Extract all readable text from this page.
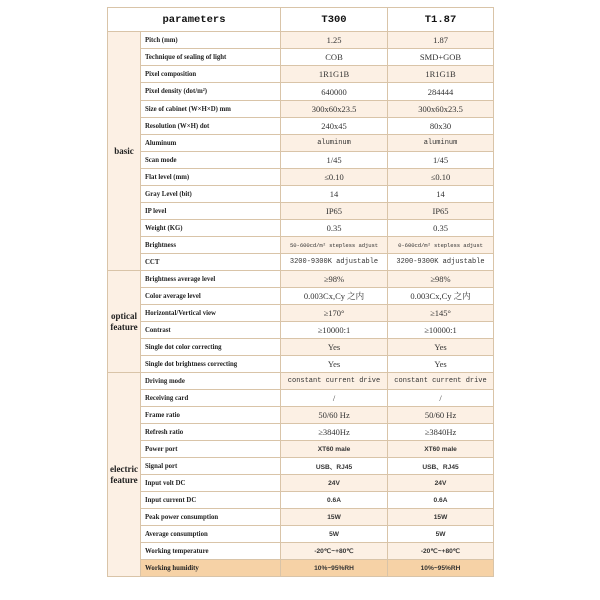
parameters		T300	T1.87
basic	Pitch (mm)	1.25	1.87
	Technique of sealing of light	COB	SMD+GOB
	Pixel composition	1R1G1B	1R1G1B
	Pixel density (dot/m²)	640000	284444
	Size of cabinet (W×H×D) mm	300x60x23.5	300x60x23.5
	Resolution (W×H) dot	240x45	80x30
	Aluminum	aluminum	aluminum
	Scan mode	1/45	1/45
	Flat level (mm)	≤0.10	≤0.10
	Gray Level (bit)	14	14
	IP level	IP65	IP65
	Weight (KG)	0.35	0.35
	Brightness	50-600cd/m² stepless adjust	0-600cd/m² stepless adjust
	CCT	3200-9300K adjustable	3200-9300K adjustable
optical feature	Brightness average level	≥98%	≥98%
	Color average level	0.003Cx,Cy 之内	0.003Cx,Cy 之内
	Horizontal/Vertical view	≥170°	≥145°
	Contrast	≥10000:1	≥10000:1
	Single dot color correcting	Yes	Yes
	Single dot brightness correcting	Yes	Yes
electric feature	Driving mode	constant current drive	constant current drive
	Receiving card	/	/
	Frame ratio	50/60 Hz	50/60 Hz
	Refresh ratio	≥3840Hz	≥3840Hz
	Power port	XT60 male	XT60 male
	Signal port	USB、RJ45	USB、RJ45
	Input volt DC	24V	24V
	Input current DC	0.6A	0.6A
	Peak power consumption	15W	15W
	Average consumption	5W	5W
	Working temperature	-20℃~+80℃	-20℃~+80℃
	Working humidity	10%~95%RH	10%~95%RH
